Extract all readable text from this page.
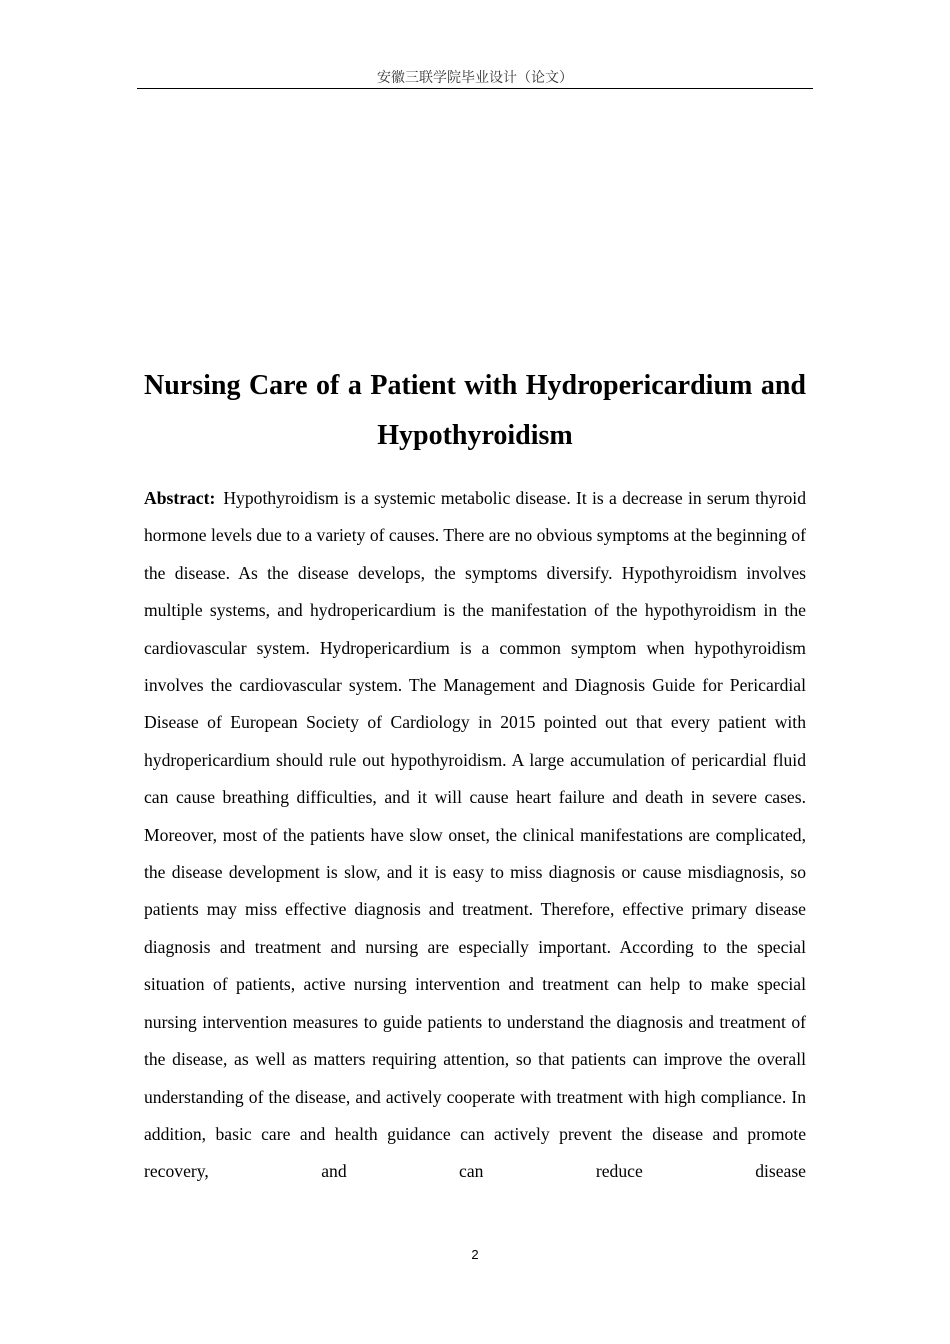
安徽三联学院毕业设计（论文）
Nursing Care of a Patient with Hydropericardium and Hypothyroidism

Abstract: Hypothyroidism is a systemic metabolic disease. It is a decrease in serum thyroid hormone levels due to a variety of causes. There are no obvious symptoms at the beginning of the disease. As the disease develops, the symptoms diversify. Hypothyroidism involves multiple systems, and hydropericardium is the manifestation of the hypothyroidism in the cardiovascular system. Hydropericardium is a common symptom when hypothyroidism involves the cardiovascular system. The Management and Diagnosis Guide for Pericardial Disease of European Society of Cardiology in 2015 pointed out that every patient with hydropericardium should rule out hypothyroidism. A large accumulation of pericardial fluid can cause breathing difficulties, and it will cause heart failure and death in severe cases. Moreover, most of the patients have slow onset, the clinical manifestations are complicated, the disease development is slow, and it is easy to miss diagnosis or cause misdiagnosis, so patients may miss effective diagnosis and treatment. Therefore, effective primary disease diagnosis and treatment and nursing are especially important. According to the special situation of patients, active nursing intervention and treatment can help to make special nursing intervention measures to guide patients to understand the diagnosis and treatment of the disease, as well as matters requiring attention, so that patients can improve the overall understanding of the disease, and actively cooperate with treatment with high compliance. In addition, basic care and health guidance can actively prevent the disease and promote recovery, and can reduce disease

2
